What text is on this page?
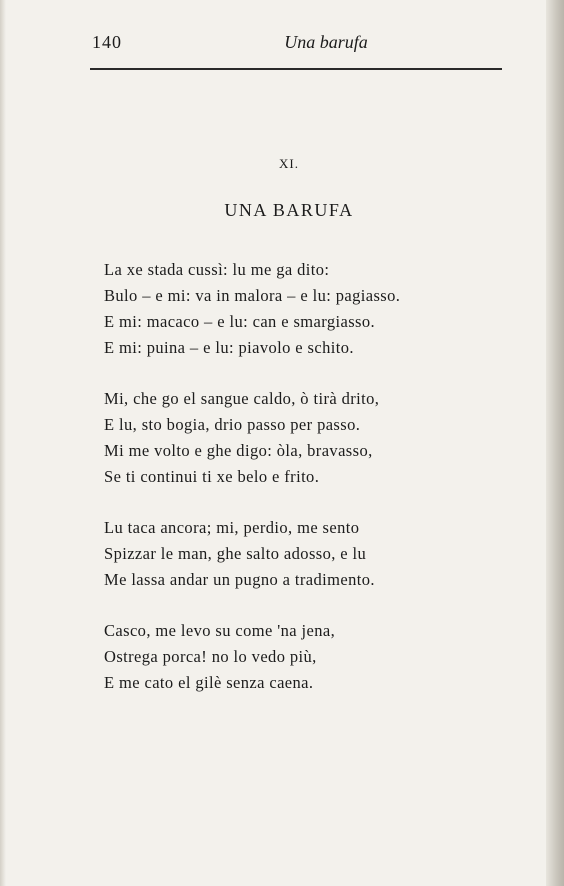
140	Una barufa
XI.
UNA BARUFA
La xe stada cussì: lu me ga dito:
Bulo – e mi: va in malora – e lu: pagiasso.
E mi: macaco – e lu: can e smargiasso.
E mi: puina – e lu: piavolo e schito.
Mi, che go el sangue caldo, ò tirà drito,
E lu, sto bogia, drio passo per passo.
Mi me volto e ghe digo: òla, bravasso,
Se ti continui ti xe belo e frito.
Lu taca ancora; mi, perdio, me sento
Spizzar le man, ghe salto adosso, e lu
Me lassa andar un pugno a tradimento.
Casco, me levo su come 'na jena,
Ostrega porca! no lo vedo più,
E me cato el gilè senza caena.
